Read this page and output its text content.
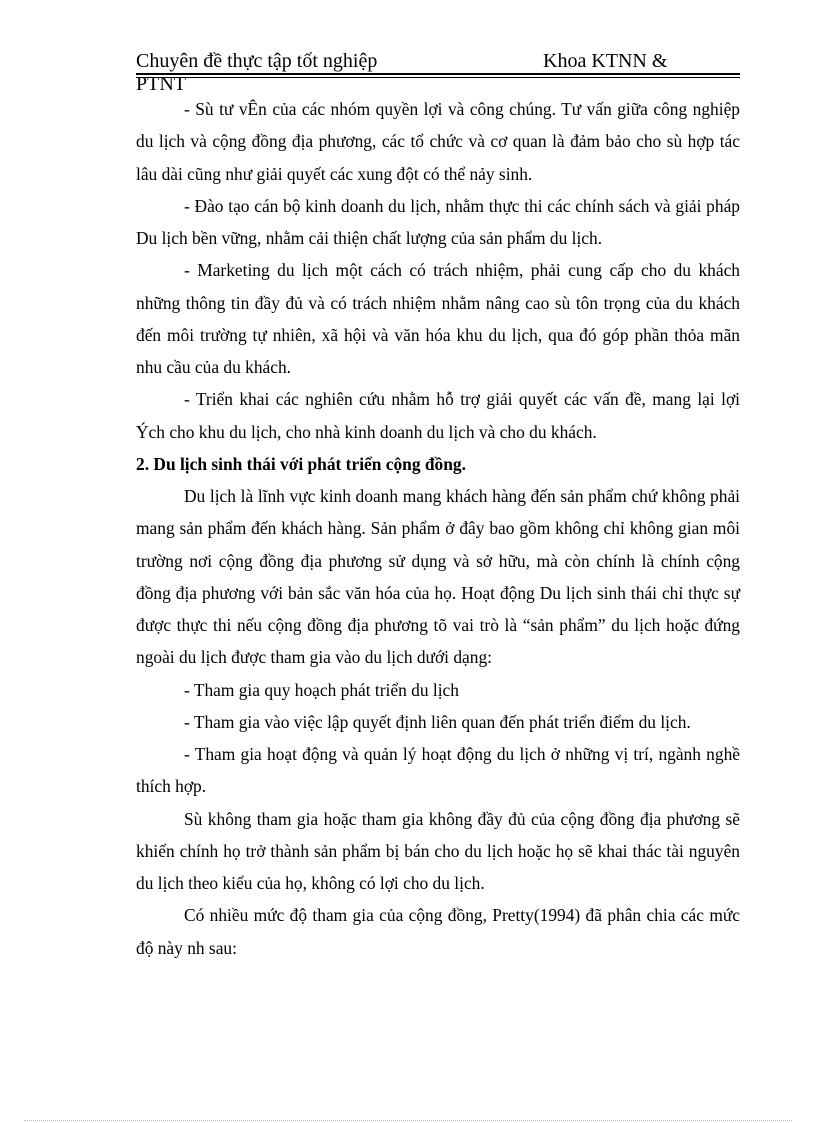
Chuyên đề thực tập tốt nghiệp	Khoa KTNN &
PTNT

- Sù tư vÊn của các nhóm quyền lợi và công chúng. Tư vấn giữa công nghiệp du lịch và cộng đồng địa phương, các tổ chức và cơ quan là đảm bảo cho sù hợp tác lâu dài cũng như giải quyết các xung đột có thể nảy sinh.

- Đào tạo cán bộ kinh doanh du lịch, nhằm thực thi các chính sách và giải pháp Du lịch bền vững, nhằm cải thiện chất lượng của sản phẩm du lịch.

- Marketing du lịch một cách có trách nhiệm, phải cung cấp cho du khách những thông tin đầy đủ và có trách nhiệm nhằm nâng cao sù tôn trọng của du khách đến môi trường tự nhiên, xã hội và văn hóa khu du lịch, qua đó góp phần thỏa mãn nhu cầu của du khách.

- Triển khai các nghiên cứu nhằm hỗ trợ giải quyết các vấn đề, mang lại lợi Ých cho khu du lịch, cho nhà kinh doanh du lịch và cho du khách.

2. Du lịch sinh thái với phát triển cộng đồng.

Du lịch là lĩnh vực kinh doanh mang khách hàng đến sản phẩm chứ không phải mang sản phẩm đến khách hàng. Sản phẩm ở đây bao gồm không chỉ không gian môi trường nơi cộng đồng địa phương sử dụng và sở hữu, mà còn chính là chính cộng đồng địa phương với bản sắc văn hóa của họ. Hoạt động Du lịch sinh thái chỉ thực sự được thực thi nếu cộng đồng địa phương tõ vai trò là “sản phẩm” du lịch hoặc đứng ngoài du lịch được tham gia vào du lịch dưới dạng:

- Tham gia quy hoạch phát triển du lịch

- Tham gia vào việc lập quyết định liên quan đến phát triển điểm du lịch.

- Tham gia hoạt động và quản lý hoạt động du lịch ở những vị trí, ngành nghề thích hợp.

Sù không tham gia hoặc tham gia không đầy đủ của cộng đồng địa phương sẽ khiến chính họ trở thành sản phẩm bị bán cho du lịch hoặc họ sẽ khai thác tài nguyên du lịch theo kiểu của họ, không có lợi cho du lịch.

Có nhiều mức độ tham gia của cộng đồng, Pretty(1994) đã phân chia các mức độ này nh sau:
